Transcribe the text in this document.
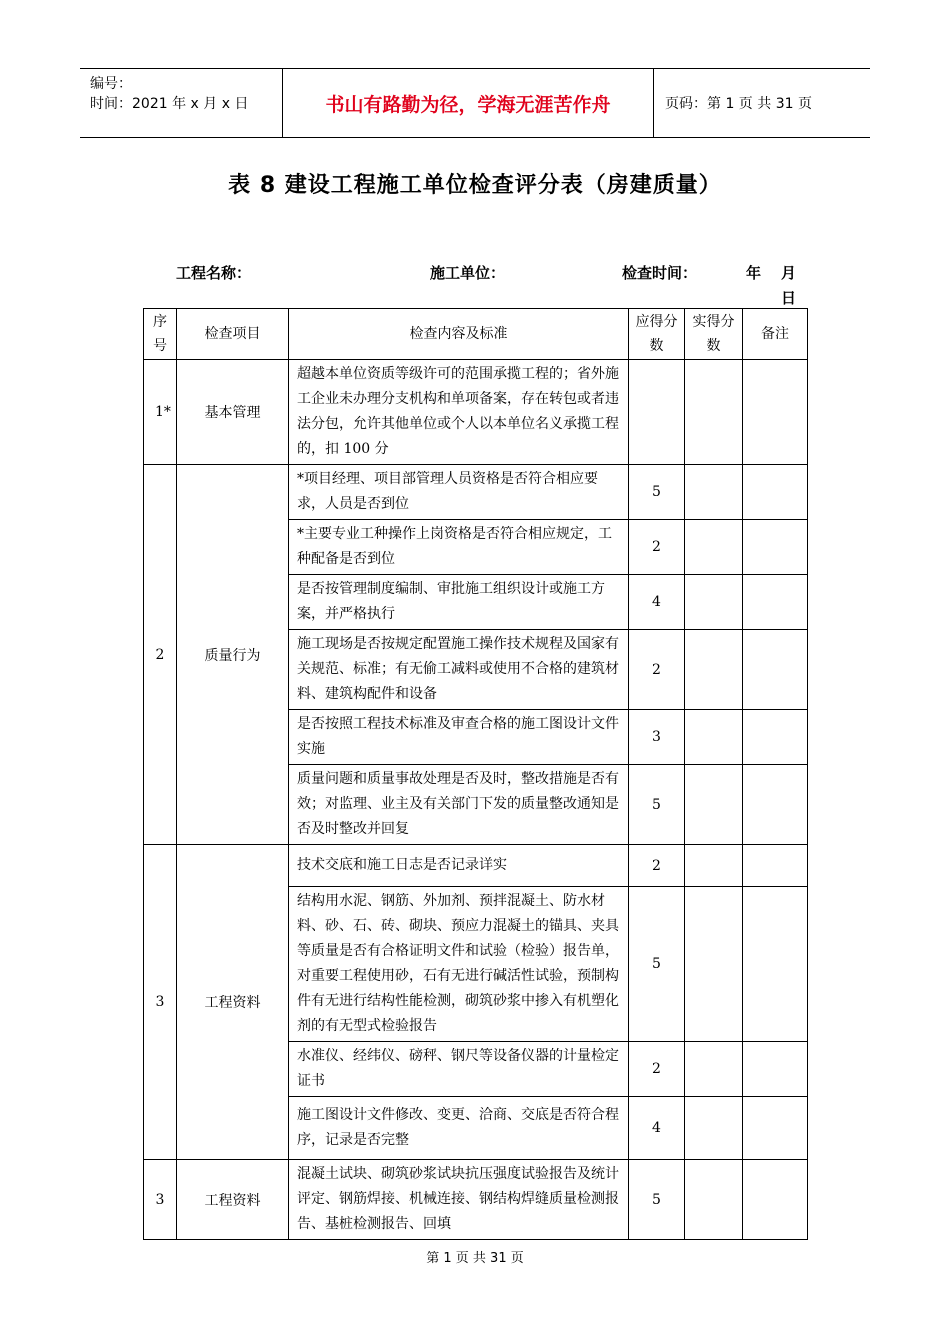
编号：
时间：2021 年 x 月 x 日	书山有路勤为径，学海无涯苦作舟	页码：第 1 页 共 31 页
表 8 建设工程施工单位检查评分表（房建质量）
工程名称：	施工单位：	检查时间：	年 月
日
序号	检查项目	检查内容及标准	应得分数	实得分数	备注
1*	基本管理	超越本单位资质等级许可的范围承揽工程的；省外施工企业未办理分支机构和单项备案，存在转包或者违法分包，允许其他单位或个人以本单位名义承揽工程的，扣 100 分			
2	质量行为	*项目经理、项目部管理人员资格是否符合相应要求，人员是否到位	5		
		*主要专业工种操作上岗资格是否符合相应规定，工种配备是否到位	2		
		是否按管理制度编制、审批施工组织设计或施工方案，并严格执行	4		
		施工现场是否按规定配置施工操作技术规程及国家有关规范、标准；有无偷工减料或使用不合格的建筑材料、建筑构配件和设备	2		
		是否按照工程技术标准及审查合格的施工图设计文件实施	3		
		质量问题和质量事故处理是否及时，整改措施是否有效；对监理、业主及有关部门下发的质量整改通知是否及时整改并回复	5		
3	工程资料	技术交底和施工日志是否记录详实	2		
		结构用水泥、钢筋、外加剂、预拌混凝土、防水材料、砂、石、砖、砌块、预应力混凝土的锚具、夹具等质量是否有合格证明文件和试验（检验）报告单，对重要工程使用砂，石有无进行碱活性试验，预制构件有无进行结构性能检测，砌筑砂浆中掺入有机塑化剂的有无型式检验报告	5		
		水准仪、经纬仪、磅秤、钢尺等设备仪器的计量检定证书	2		
		施工图设计文件修改、变更、洽商、交底是否符合程序，记录是否完整	4		
3	工程资料	混凝土试块、砌筑砂浆试块抗压强度试验报告及统计评定、钢筋焊接、机械连接、钢结构焊缝质量检测报告、基桩检测报告、回填	5		
第 1 页 共 31 页
